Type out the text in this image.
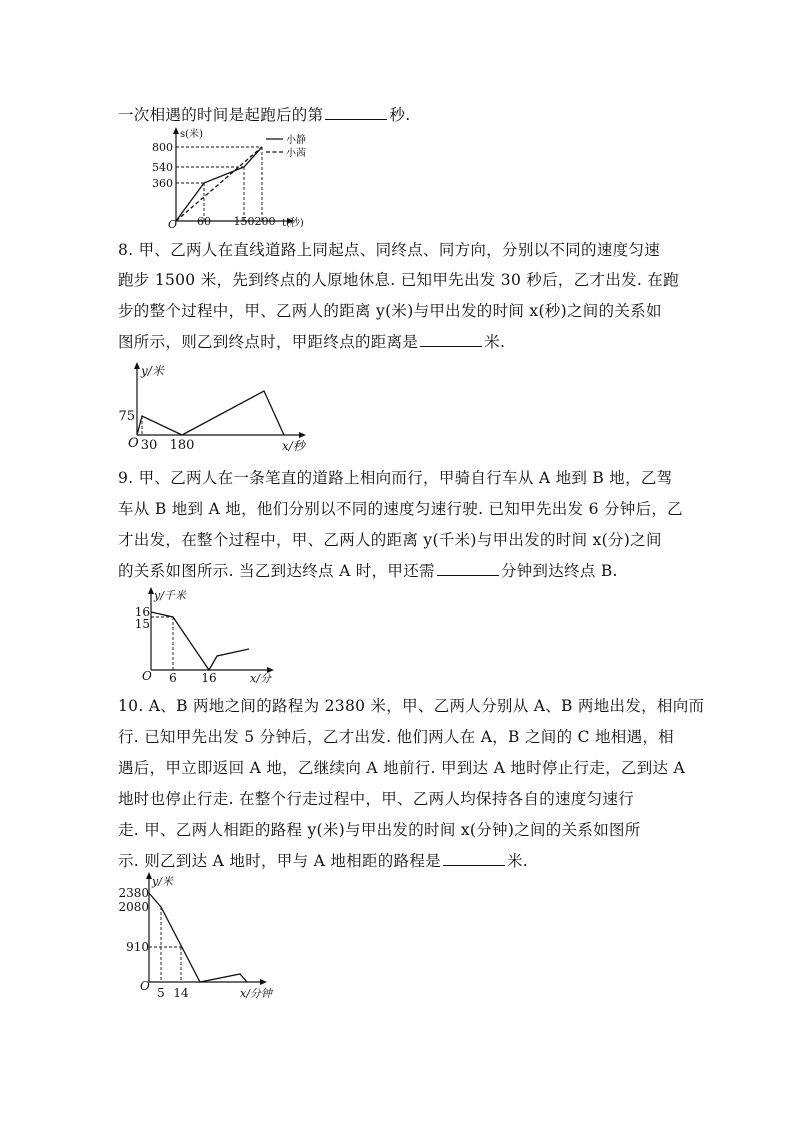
一次相遇的时间是起跑后的第	秒.
s(米)
t(秒)
O
800
540
360
60 150 200
小静
小茜
8. 甲、乙两人在直线道路上同起点、同终点、同方向，分别以不同的速度匀速
跑步 1500 米，先到终点的人原地休息. 已知甲先出发 30 秒后，乙才出发. 在跑
步的整个过程中，甲、乙两人的距离 y(米)与甲出发的时间 x(秒)之间的关系如
图所示，则乙到终点时，甲距终点的距离是	米.
y/米
x/秒
O
75
30 180
9. 甲、乙两人在一条笔直的道路上相向而行，甲骑自行车从 A 地到 B 地，乙驾
车从 B 地到 A 地，他们分别以不同的速度匀速行驶. 已知甲先出发 6 分钟后，乙
才出发，在整个过程中，甲、乙两人的距离 y(千米)与甲出发的时间 x(分)之间
的关系如图所示. 当乙到达终点 A 时，甲还需	分钟到达终点 B.
y/千米
x/分
O
16
15
6 16
10. A、B 两地之间的路程为 2380 米，甲、乙两人分别从 A、B 两地出发，相向而
行. 已知甲先出发 5 分钟后，乙才出发. 他们两人在 A，B 之间的 C 地相遇，相
遇后，甲立即返回 A 地，乙继续向 A 地前行. 甲到达 A 地时停止行走，乙到达 A
地时也停止行走. 在整个行走过程中，甲、乙两人均保持各自的速度匀速行
走. 甲、乙两人相距的路程 y(米)与甲出发的时间 x(分钟)之间的关系如图所
示. 则乙到达 A 地时，甲与 A 地相距的路程是	米.
y/米
x/分钟
O
2380
2080
910
5 14
